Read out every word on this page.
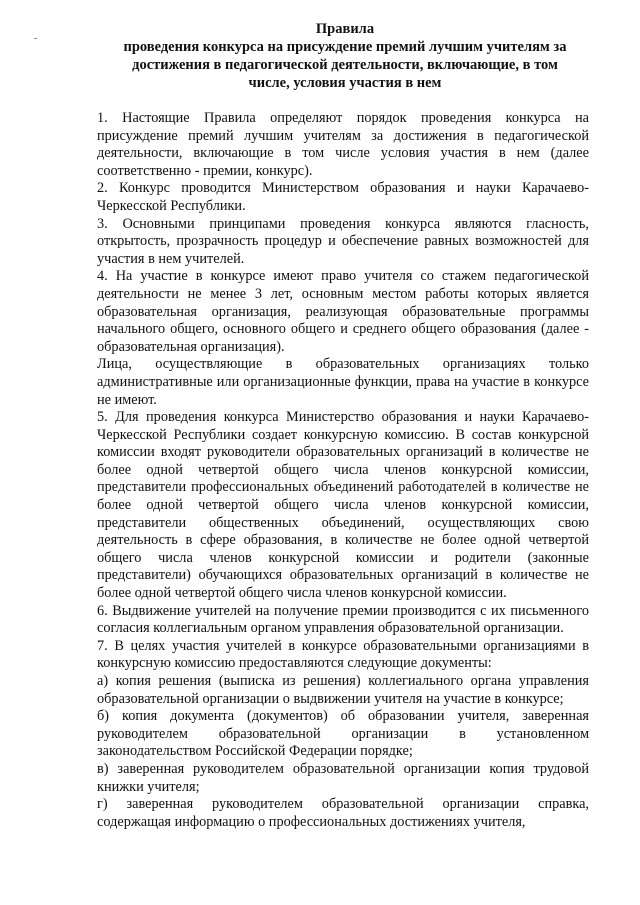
Правила
проведения конкурса на присуждение премий лучшим учителям за
достижения в педагогической деятельности, включающие, в том
числе, условия участия в нем

1. Настоящие Правила определяют порядок проведения конкурса на присуждение премий лучшим учителям за достижения в педагогической деятельности, включающие в том числе условия участия в нем (далее соответственно - премии, конкурс).

2. Конкурс проводится Министерством образования и науки Карачаево-Черкесской Республики.

3. Основными принципами проведения конкурса являются гласность, открытость, прозрачность процедур и обеспечение равных возможностей для участия в нем учителей.

4. На участие в конкурсе имеют право учителя со стажем педагогической деятельности не менее 3 лет, основным местом работы которых является образовательная организация, реализующая образовательные программы начального общего, основного общего и среднего общего образования (далее - образовательная организация).

Лица, осуществляющие в образовательных организациях только административные или организационные функции, права на участие в конкурсе не имеют.

5. Для проведения конкурса Министерство образования и науки Карачаево-Черкесской Республики создает конкурсную комиссию. В состав конкурсной комиссии входят руководители образовательных организаций в количестве не более одной четвертой общего числа членов конкурсной комиссии, представители профессиональных объединений работодателей в количестве не более одной четвертой общего числа членов конкурсной комиссии, представители общественных объединений, осуществляющих свою деятельность в сфере образования, в количестве не более одной четвертой общего числа членов конкурсной комиссии и родители (законные представители) обучающихся образовательных организаций в количестве не более одной четвертой общего числа членов конкурсной комиссии.

6. Выдвижение учителей на получение премии производится с их письменного согласия коллегиальным органом управления образовательной организации.

7. В целях участия учителей в конкурсе образовательными организациями в конкурсную комиссию предоставляются следующие документы:

а) копия решения (выписка из решения) коллегиального органа управления образовательной организации о выдвижении учителя на участие в конкурсе;

б) копия документа (документов) об образовании учителя, заверенная руководителем образовательной организации в установленном законодательством Российской Федерации порядке;

в) заверенная руководителем образовательной организации копия трудовой книжки учителя;

г) заверенная руководителем образовательной организации справка, содержащая информацию о профессиональных достижениях учителя,
